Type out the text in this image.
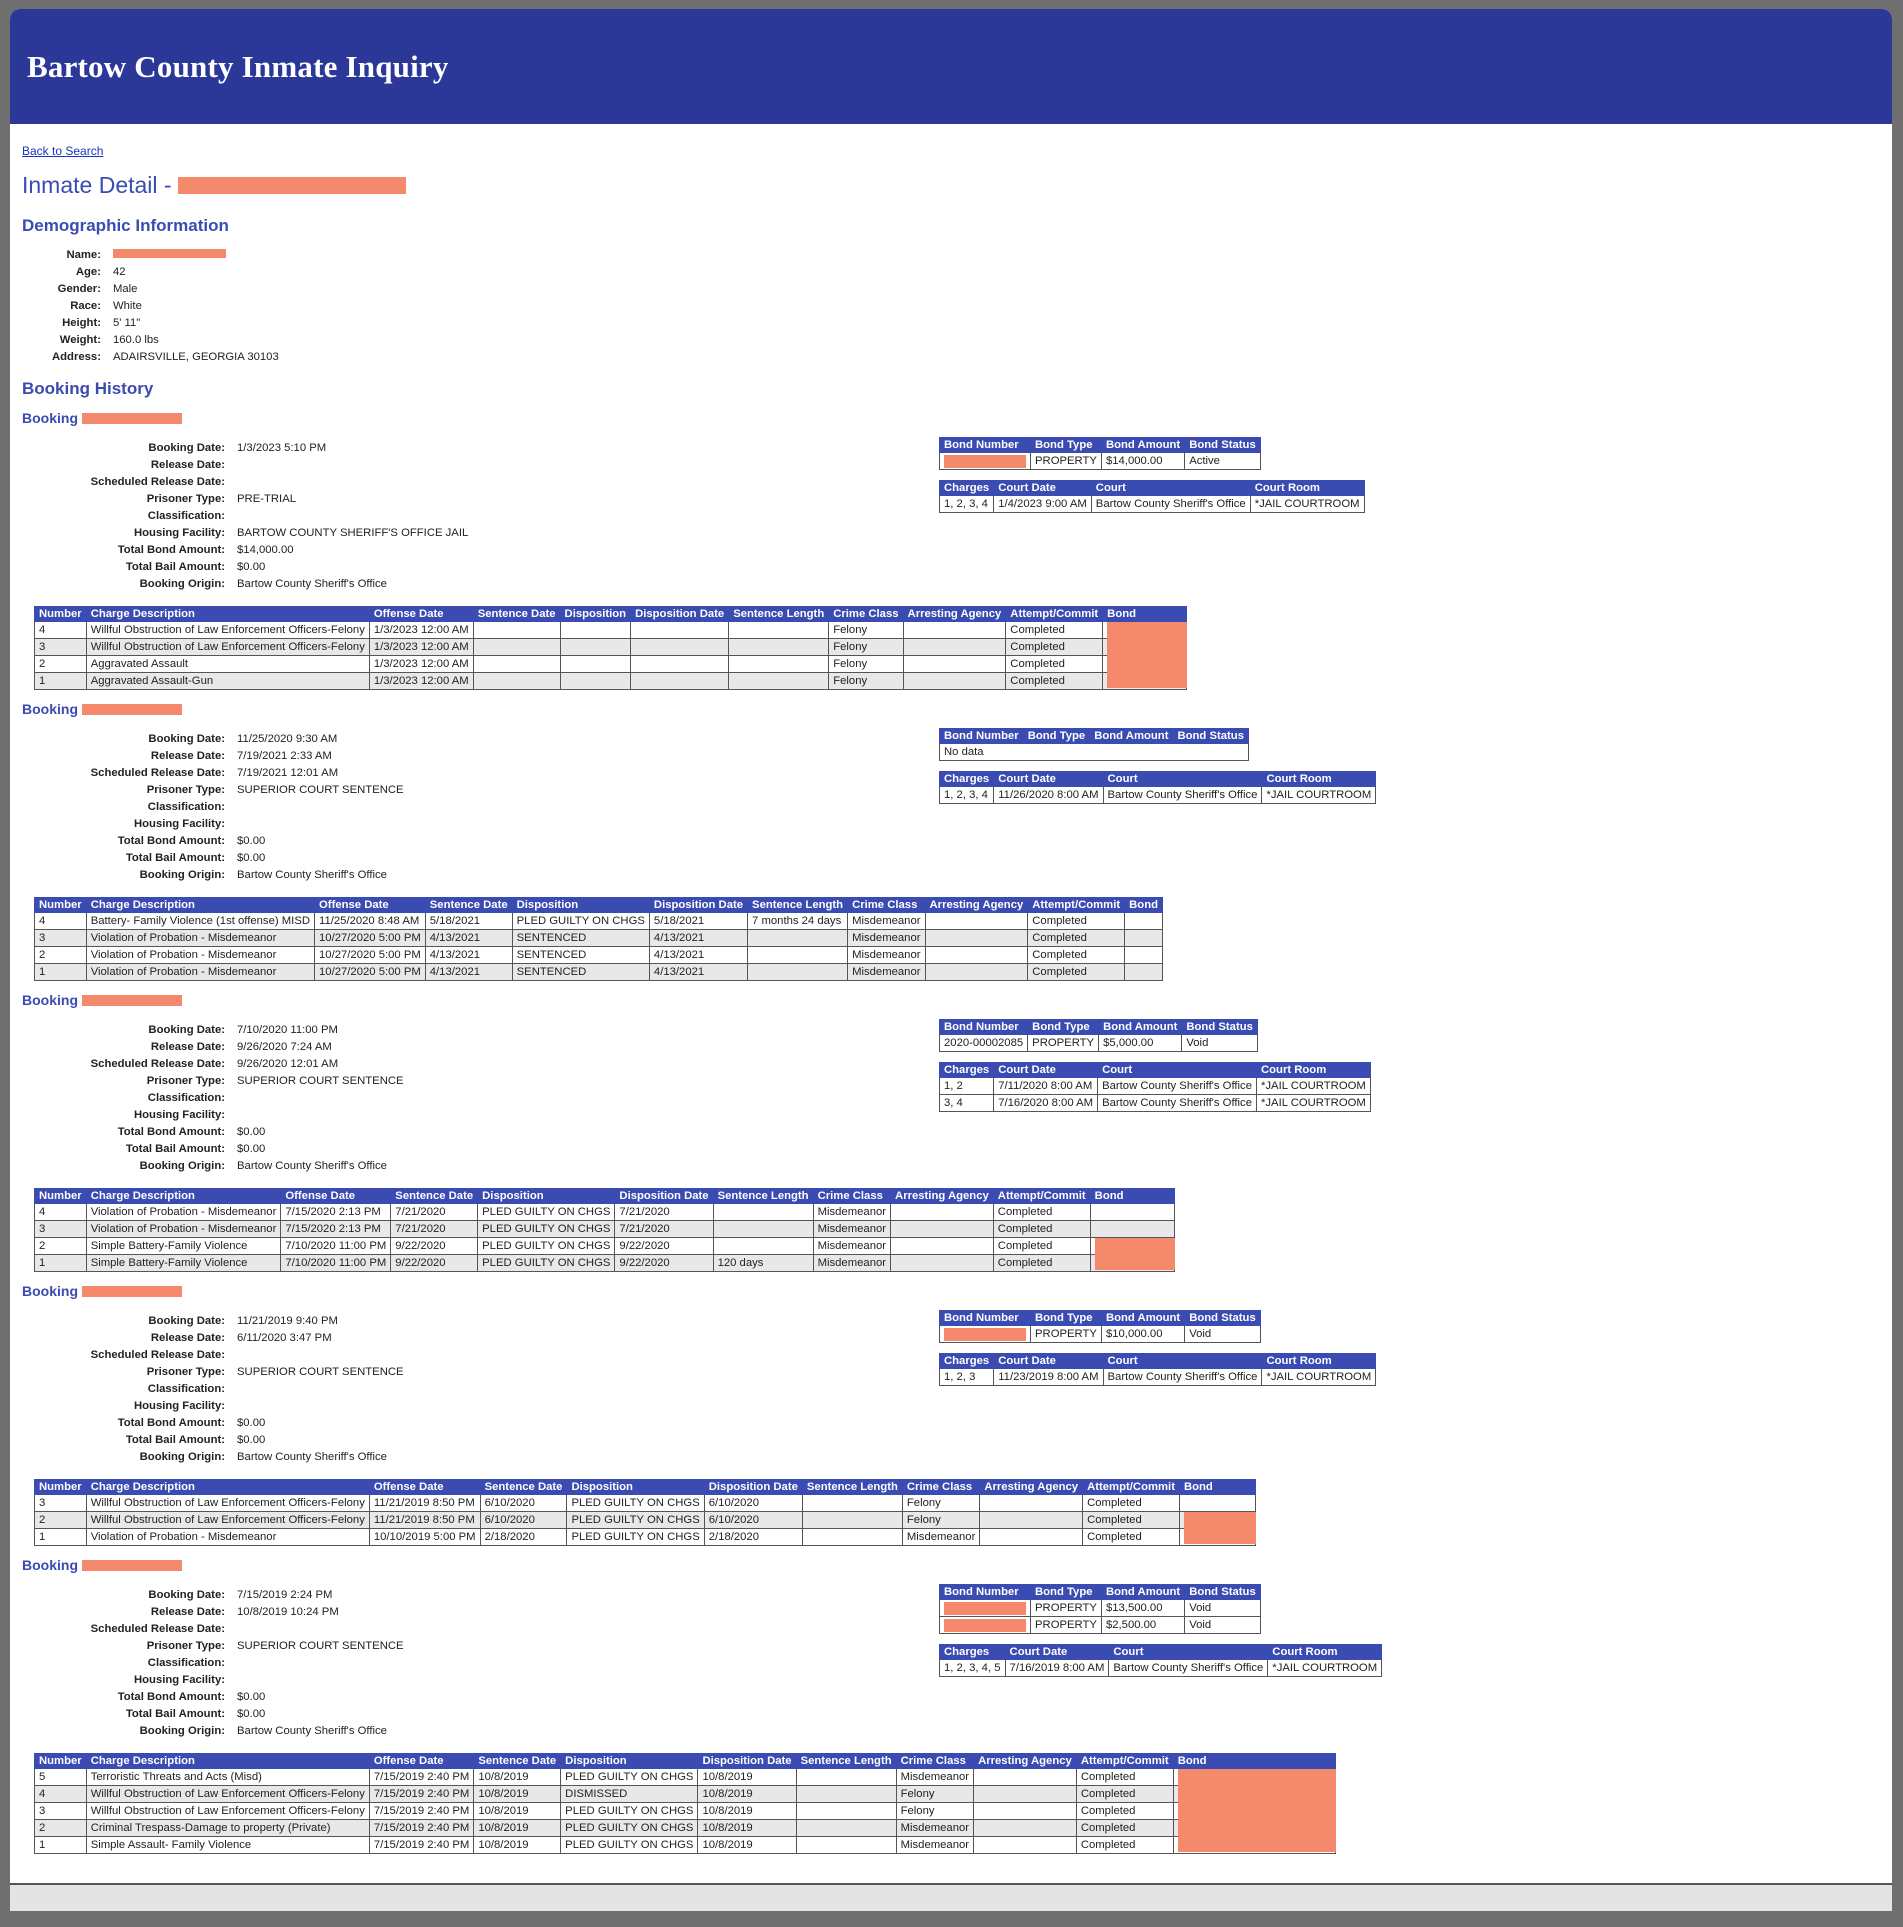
Bartow County Inmate Inquiry
Back to Search
Inmate Detail -
Demographic Information
Name:	
Age:	42
Gender:	Male
Race:	White
Height:	5' 11"
Weight:	160.0 lbs
Address:	ADAIRSVILLE, GEORGIA 30103
Booking History
Booking
Booking Date:	1/3/2023 5:10 PM
Release Date:	
Scheduled Release Date:	
Prisoner Type:	PRE-TRIAL
Classification:	
Housing Facility:	BARTOW COUNTY SHERIFF'S OFFICE JAIL
Total Bond Amount:	$14,000.00
Total Bail Amount:	$0.00
Booking Origin:	Bartow County Sheriff's Office
Bond Number	Bond Type	Bond Amount	Bond Status
	PROPERTY	$14,000.00	Active
Charges	Court Date	Court	Court Room
1, 2, 3, 4	1/4/2023 9:00 AM	Bartow County Sheriff's Office	*JAIL COURTROOM
Number	Charge Description	Offense Date	Sentence Date	Disposition	Disposition Date	Sentence Length	Crime Class	Arresting Agency	Attempt/Commit	Bond
4	Willful Obstruction of Law Enforcement Officers-Felony	1/3/2023 12:00 AM					Felony		Completed	

3	Willful Obstruction of Law Enforcement Officers-Felony	1/3/2023 12:00 AM					Felony		Completed	
2	Aggravated Assault	1/3/2023 12:00 AM					Felony		Completed	
1	Aggravated Assault-Gun	1/3/2023 12:00 AM					Felony		Completed	
Booking
Booking Date:	11/25/2020 9:30 AM
Release Date:	7/19/2021 2:33 AM
Scheduled Release Date:	7/19/2021 12:01 AM
Prisoner Type:	SUPERIOR COURT SENTENCE
Classification:	
Housing Facility:	
Total Bond Amount:	$0.00
Total Bail Amount:	$0.00
Booking Origin:	Bartow County Sheriff's Office
Bond Number	Bond Type	Bond Amount	Bond Status
No data
Charges	Court Date	Court	Court Room
1, 2, 3, 4	11/26/2020 8:00 AM	Bartow County Sheriff's Office	*JAIL COURTROOM
Number	Charge Description	Offense Date	Sentence Date	Disposition	Disposition Date	Sentence Length	Crime Class	Arresting Agency	Attempt/Commit	Bond
4	Battery- Family Violence (1st offense) MISD	11/25/2020 8:48 AM	5/18/2021	PLED GUILTY ON CHGS	5/18/2021	7 months 24 days	Misdemeanor		Completed	
3	Violation of Probation - Misdemeanor	10/27/2020 5:00 PM	4/13/2021	SENTENCED	4/13/2021		Misdemeanor		Completed	
2	Violation of Probation - Misdemeanor	10/27/2020 5:00 PM	4/13/2021	SENTENCED	4/13/2021		Misdemeanor		Completed	
1	Violation of Probation - Misdemeanor	10/27/2020 5:00 PM	4/13/2021	SENTENCED	4/13/2021		Misdemeanor		Completed	
Booking
Booking Date:	7/10/2020 11:00 PM
Release Date:	9/26/2020 7:24 AM
Scheduled Release Date:	9/26/2020 12:01 AM
Prisoner Type:	SUPERIOR COURT SENTENCE
Classification:	
Housing Facility:	
Total Bond Amount:	$0.00
Total Bail Amount:	$0.00
Booking Origin:	Bartow County Sheriff's Office
Bond Number	Bond Type	Bond Amount	Bond Status
2020-00002085	PROPERTY	$5,000.00	Void
Charges	Court Date	Court	Court Room
1, 2	7/11/2020 8:00 AM	Bartow County Sheriff's Office	*JAIL COURTROOM
3, 4	7/16/2020 8:00 AM	Bartow County Sheriff's Office	*JAIL COURTROOM
Number	Charge Description	Offense Date	Sentence Date	Disposition	Disposition Date	Sentence Length	Crime Class	Arresting Agency	Attempt/Commit	Bond
4	Violation of Probation - Misdemeanor	7/15/2020 2:13 PM	7/21/2020	PLED GUILTY ON CHGS	7/21/2020		Misdemeanor		Completed	
3	Violation of Probation - Misdemeanor	7/15/2020 2:13 PM	7/21/2020	PLED GUILTY ON CHGS	7/21/2020		Misdemeanor		Completed	
2	Simple Battery-Family Violence	7/10/2020 11:00 PM	9/22/2020	PLED GUILTY ON CHGS	9/22/2020		Misdemeanor		Completed	

1	Simple Battery-Family Violence	7/10/2020 11:00 PM	9/22/2020	PLED GUILTY ON CHGS	9/22/2020	120 days	Misdemeanor		Completed	
Booking
Booking Date:	11/21/2019 9:40 PM
Release Date:	6/11/2020 3:47 PM
Scheduled Release Date:	
Prisoner Type:	SUPERIOR COURT SENTENCE
Classification:	
Housing Facility:	
Total Bond Amount:	$0.00
Total Bail Amount:	$0.00
Booking Origin:	Bartow County Sheriff's Office
Bond Number	Bond Type	Bond Amount	Bond Status
	PROPERTY	$10,000.00	Void
Charges	Court Date	Court	Court Room
1, 2, 3	11/23/2019 8:00 AM	Bartow County Sheriff's Office	*JAIL COURTROOM
Number	Charge Description	Offense Date	Sentence Date	Disposition	Disposition Date	Sentence Length	Crime Class	Arresting Agency	Attempt/Commit	Bond
3	Willful Obstruction of Law Enforcement Officers-Felony	11/21/2019 8:50 PM	6/10/2020	PLED GUILTY ON CHGS	6/10/2020		Felony		Completed	
2	Willful Obstruction of Law Enforcement Officers-Felony	11/21/2019 8:50 PM	6/10/2020	PLED GUILTY ON CHGS	6/10/2020		Felony		Completed	

1	Violation of Probation - Misdemeanor	10/10/2019 5:00 PM	2/18/2020	PLED GUILTY ON CHGS	2/18/2020		Misdemeanor		Completed	
Booking
Booking Date:	7/15/2019 2:24 PM
Release Date:	10/8/2019 10:24 PM
Scheduled Release Date:	
Prisoner Type:	SUPERIOR COURT SENTENCE
Classification:	
Housing Facility:	
Total Bond Amount:	$0.00
Total Bail Amount:	$0.00
Booking Origin:	Bartow County Sheriff's Office
Bond Number	Bond Type	Bond Amount	Bond Status
	PROPERTY	$13,500.00	Void
	PROPERTY	$2,500.00	Void
Charges	Court Date	Court	Court Room
1, 2, 3, 4, 5	7/16/2019 8:00 AM	Bartow County Sheriff's Office	*JAIL COURTROOM
Number	Charge Description	Offense Date	Sentence Date	Disposition	Disposition Date	Sentence Length	Crime Class	Arresting Agency	Attempt/Commit	Bond
5	Terroristic Threats and Acts (Misd)	7/15/2019 2:40 PM	10/8/2019	PLED GUILTY ON CHGS	10/8/2019		Misdemeanor		Completed	

4	Willful Obstruction of Law Enforcement Officers-Felony	7/15/2019 2:40 PM	10/8/2019	DISMISSED	10/8/2019		Felony		Completed	
3	Willful Obstruction of Law Enforcement Officers-Felony	7/15/2019 2:40 PM	10/8/2019	PLED GUILTY ON CHGS	10/8/2019		Felony		Completed	
2	Criminal Trespass-Damage to property (Private)	7/15/2019 2:40 PM	10/8/2019	PLED GUILTY ON CHGS	10/8/2019		Misdemeanor		Completed	
1	Simple Assault- Family Violence	7/15/2019 2:40 PM	10/8/2019	PLED GUILTY ON CHGS	10/8/2019		Misdemeanor		Completed	
